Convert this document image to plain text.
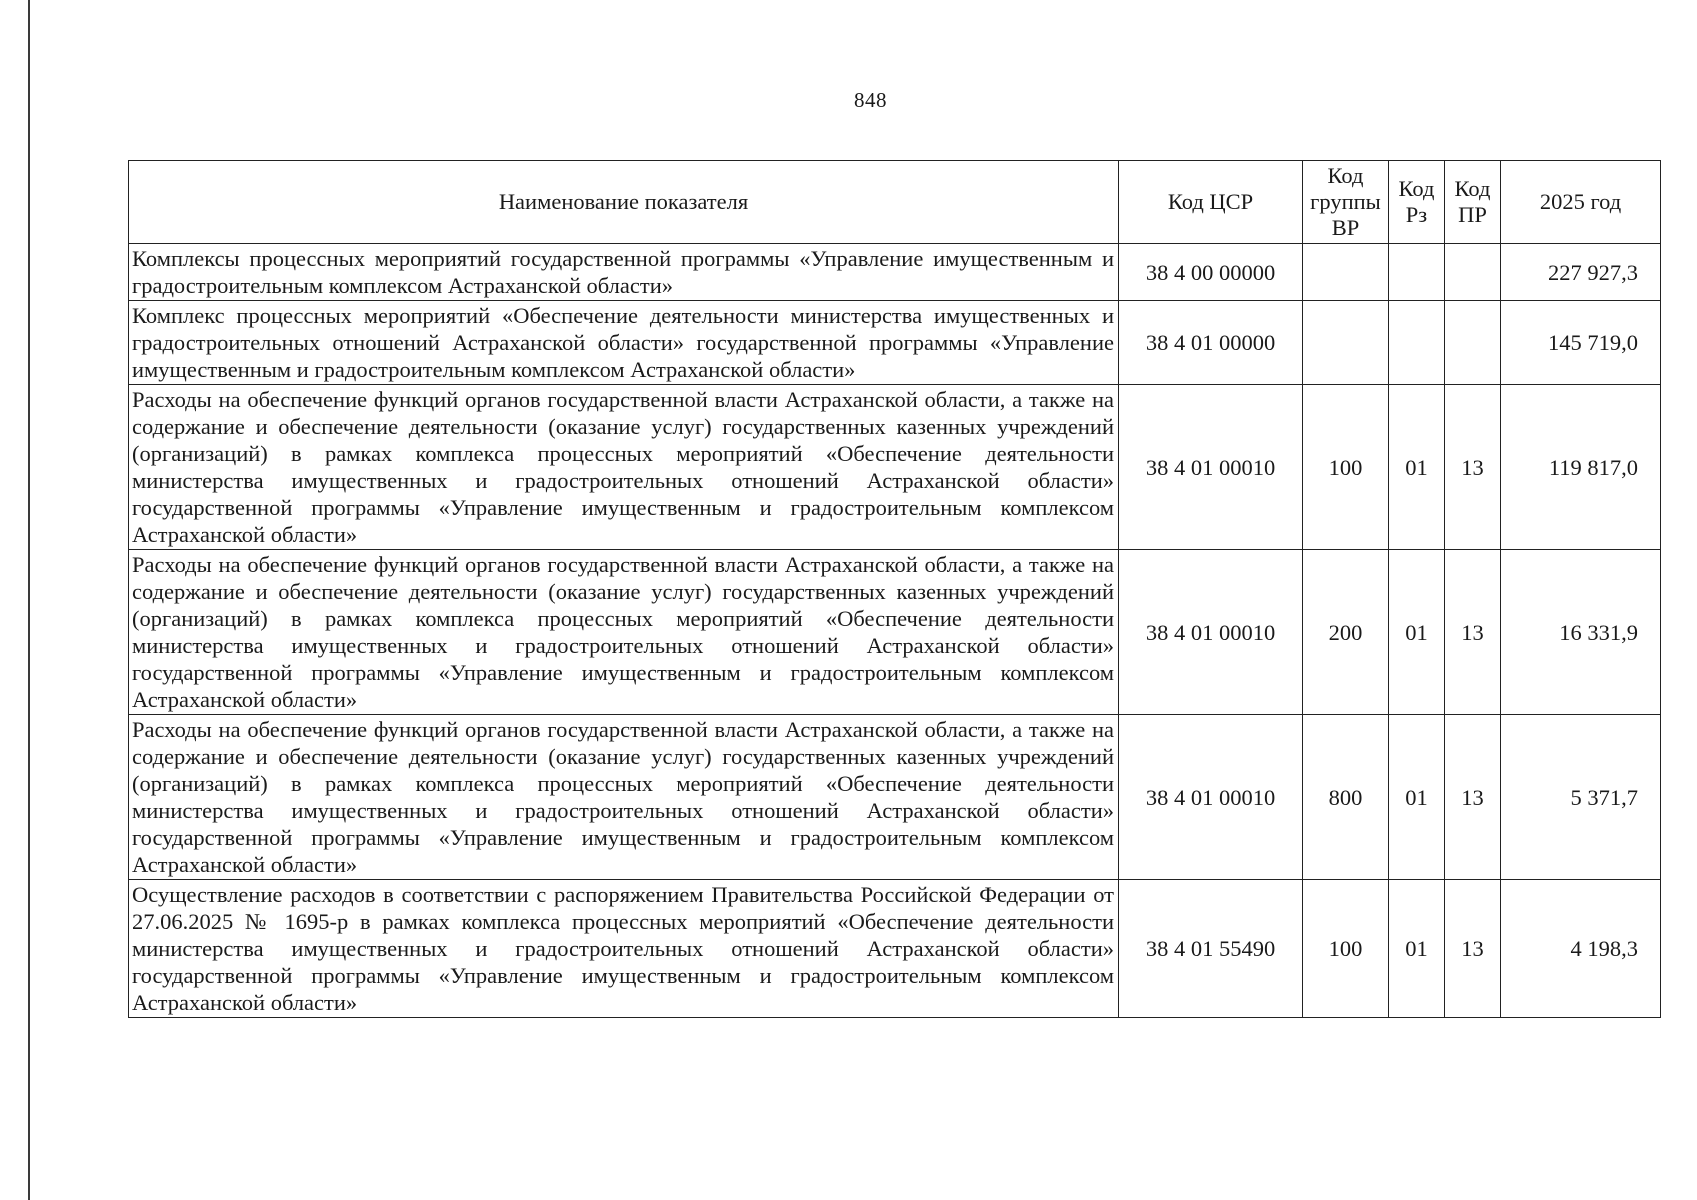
848
Наименование показателя	Код ЦСР	Код группы ВР	Код Рз	Код ПР	2025 год
Комплексы процессных мероприятий государственной программы «Управление имущественным и градостроительным комплексом Астраханской области»	38 4 00 00000				227 927,3
Комплекс процессных мероприятий «Обеспечение деятельности министерства имущественных и градостроительных отношений Астраханской области» государственной программы «Управление имущественным и градостроительным комплексом Астраханской области»	38 4 01 00000				145 719,0
Расходы на обеспечение функций органов государственной власти Астраханской области, а также на содержание и обеспечение деятельности (оказание услуг) государственных казенных учреждений (организаций) в рамках комплекса процессных мероприятий «Обеспечение деятельности министерства имущественных и градостроительных отношений Астраханской области» государственной программы «Управление имущественным и градостроительным комплексом Астраханской области»	38 4 01 00010	100	01	13	119 817,0
Расходы на обеспечение функций органов государственной власти Астраханской области, а также на содержание и обеспечение деятельности (оказание услуг) государственных казенных учреждений (организаций) в рамках комплекса процессных мероприятий «Обеспечение деятельности министерства имущественных и градостроительных отношений Астраханской области» государственной программы «Управление имущественным и градостроительным комплексом Астраханской области»	38 4 01 00010	200	01	13	16 331,9
Расходы на обеспечение функций органов государственной власти Астраханской области, а также на содержание и обеспечение деятельности (оказание услуг) государственных казенных учреждений (организаций) в рамках комплекса процессных мероприятий «Обеспечение деятельности министерства имущественных и градостроительных отношений Астраханской области» государственной программы «Управление имущественным и градостроительным комплексом Астраханской области»	38 4 01 00010	800	01	13	5 371,7
Осуществление расходов в соответствии с распоряжением Правительства Российской Федерации от 27.06.2025 № 1695-р в рамках комплекса процессных мероприятий «Обеспечение деятельности министерства имущественных и градостроительных отношений Астраханской области» государственной программы «Управление имущественным и градостроительным комплексом Астраханской области»	38 4 01 55490	100	01	13	4 198,3
